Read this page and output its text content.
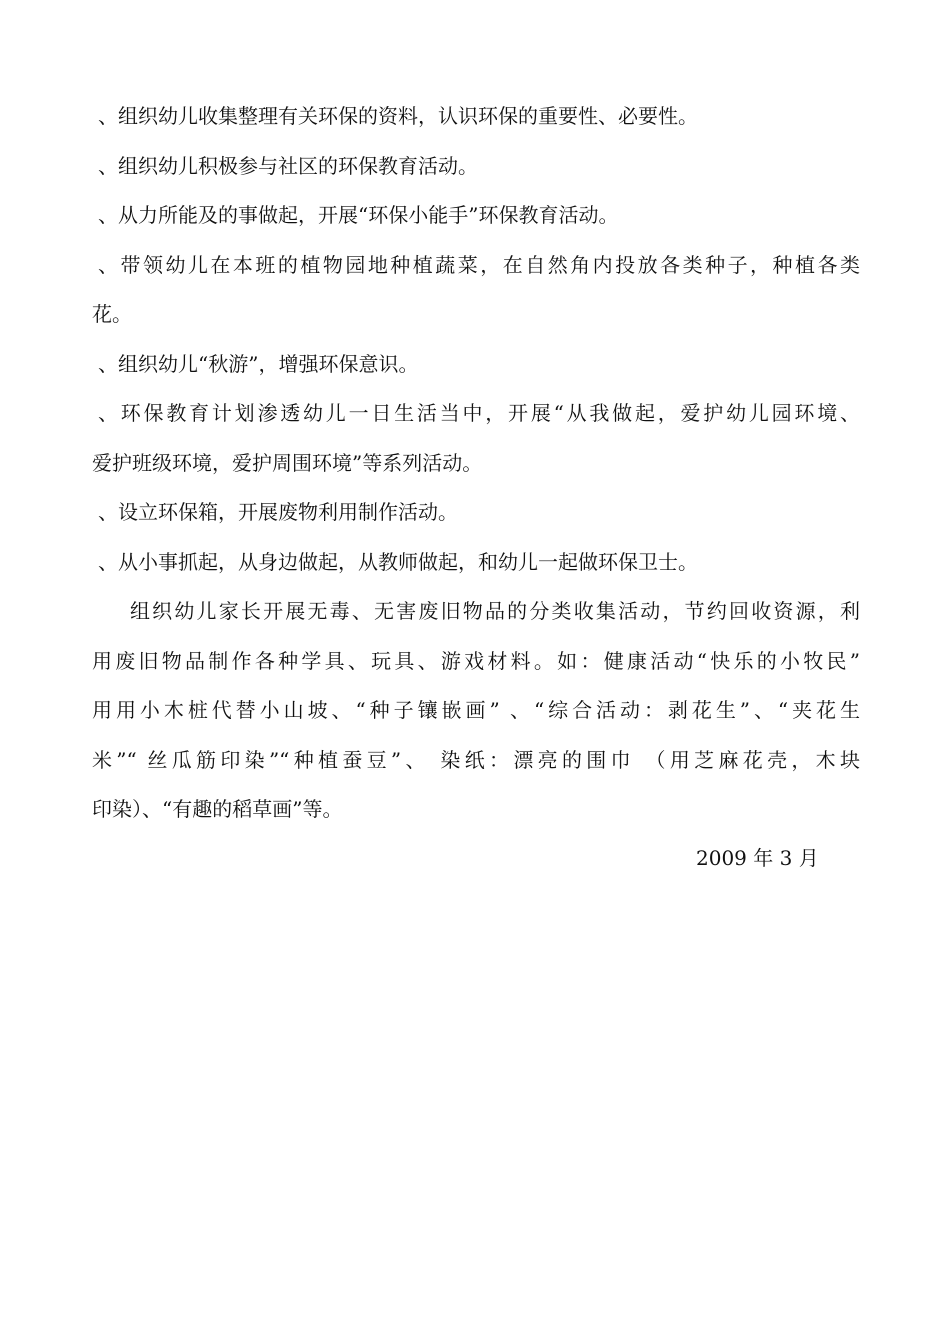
、组织幼儿收集整理有关环保的资料，认识环保的重要性、必要性。

、组织幼儿积极参与社区的环保教育活动。

、从力所能及的事做起，开展“环保小能手”环保教育活动。

、带领幼儿在本班的植物园地种植蔬菜，在自然角内投放各类种子，种植各类

花。

、组织幼儿“秋游”，增强环保意识。

、环保教育计划渗透幼儿一日生活当中，开展“从我做起，爱护幼儿园环境、

爱护班级环境，爱护周围环境”等系列活动。

、设立环保箱，开展废物利用制作活动。

、从小事抓起，从身边做起，从教师做起，和幼儿一起做环保卫士。

组织幼儿家长开展无毒、无害废旧物品的分类收集活动，节约回收资源，利

用废旧物品制作各种学具、玩具、游戏材料。如：健康活动“快乐的小牧民”

用用小木桩代替小山坡、“种子镶嵌画” 、“综合活动：剥花生”、“夹花生

米”“ 丝瓜筋印染”“种植蚕豆”、 染纸：漂亮的围巾 （用芝麻花壳，木块

印染）、“有趣的稻草画”等。

2009 年 3 月
